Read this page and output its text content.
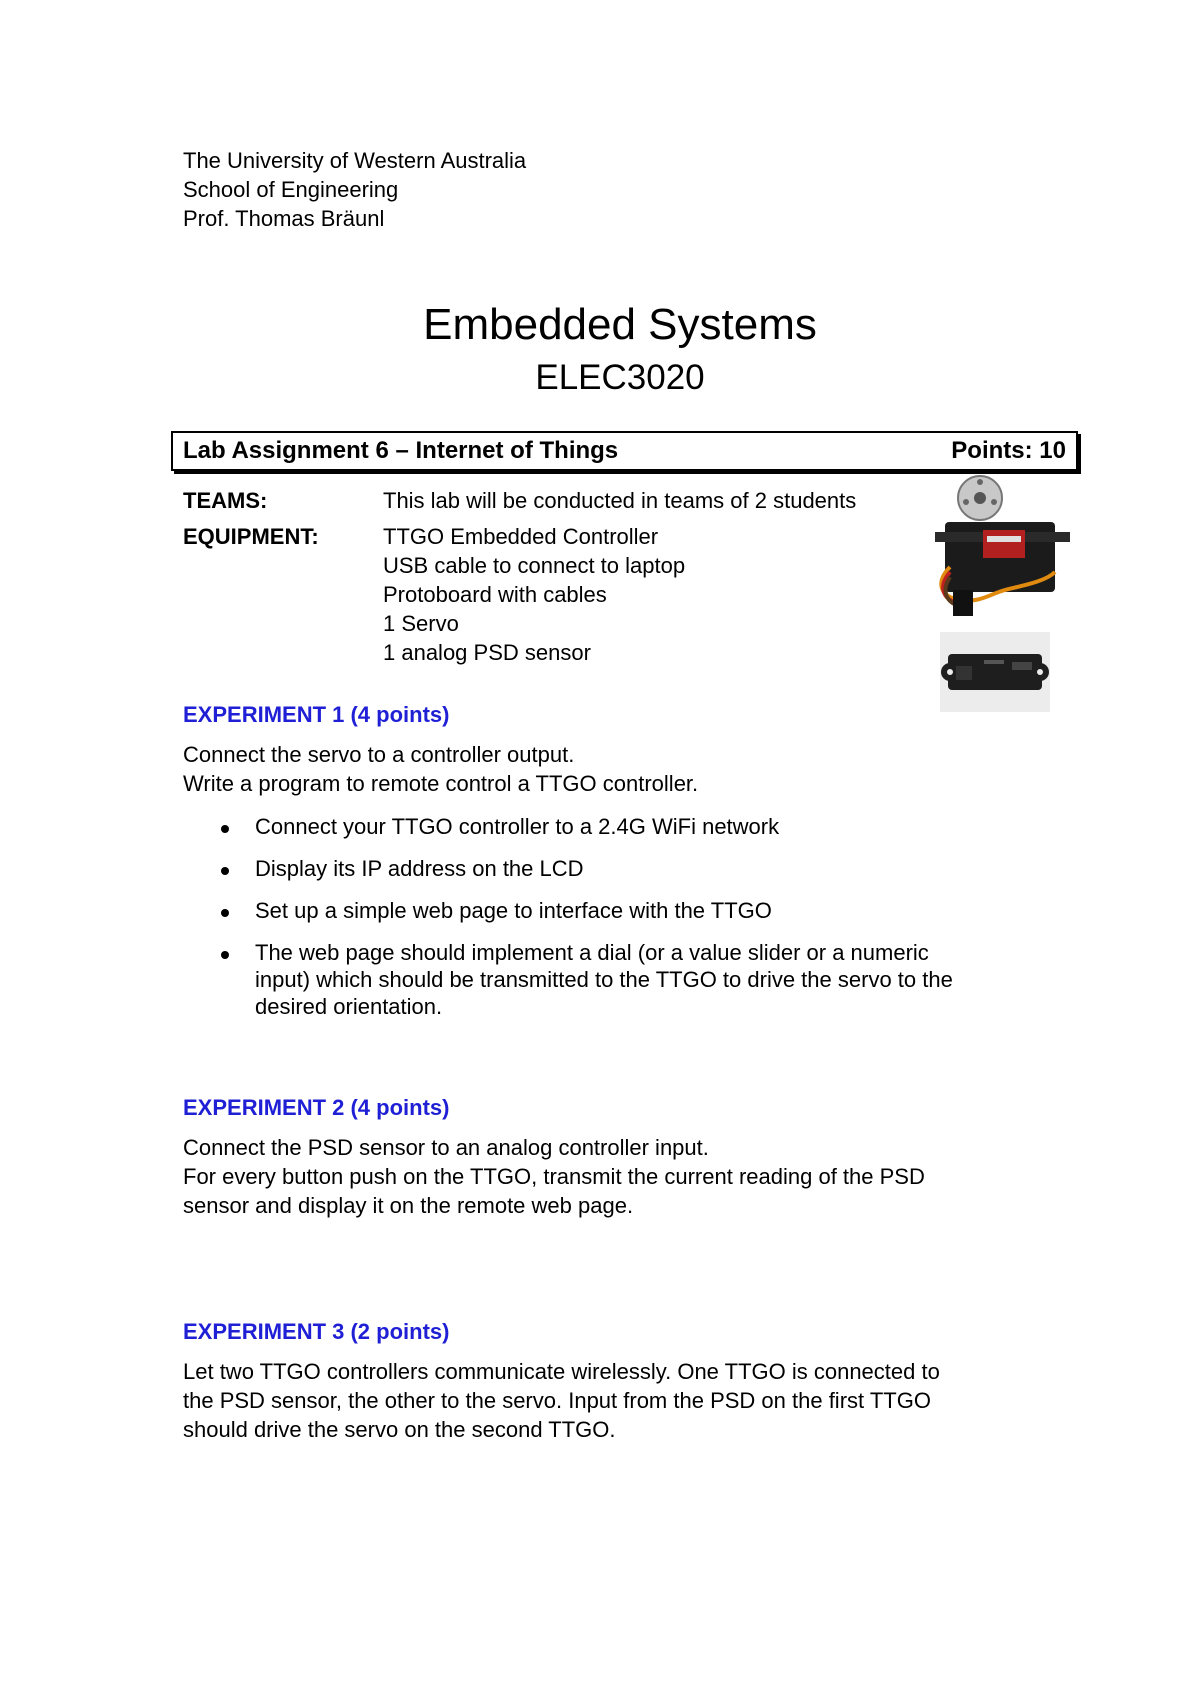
The University of Western Australia
School of Engineering
Prof. Thomas Bräunl
Embedded Systems
ELEC3020
Lab Assignment 6 – Internet of Things	Points: 10
TEAMS:	This lab will be conducted in teams of 2 students
EQUIPMENT:	TTGO Embedded Controller
USB cable to connect to laptop
Protoboard with cables
1 Servo
1 analog PSD sensor
EXPERIMENT 1 (4 points)
Connect the servo to a controller output.
Write a program to remote control a TTGO controller.
Connect your TTGO controller to a 2.4G WiFi network
Display its IP address on the LCD
Set up a simple web page to interface with the TTGO
The web page should implement a dial (or a value slider or a numeric
input) which should be transmitted to the TTGO to drive the servo to the
desired orientation.
EXPERIMENT 2 (4 points)
Connect the PSD sensor to an analog controller input.
For every button push on the TTGO, transmit the current reading of the PSD
sensor and display it on the remote web page.
EXPERIMENT 3 (2 points)
Let two TTGO controllers communicate wirelessly. One TTGO is connected to
the PSD sensor, the other to the servo. Input from the PSD on the first TTGO
should drive the servo on the second TTGO.
